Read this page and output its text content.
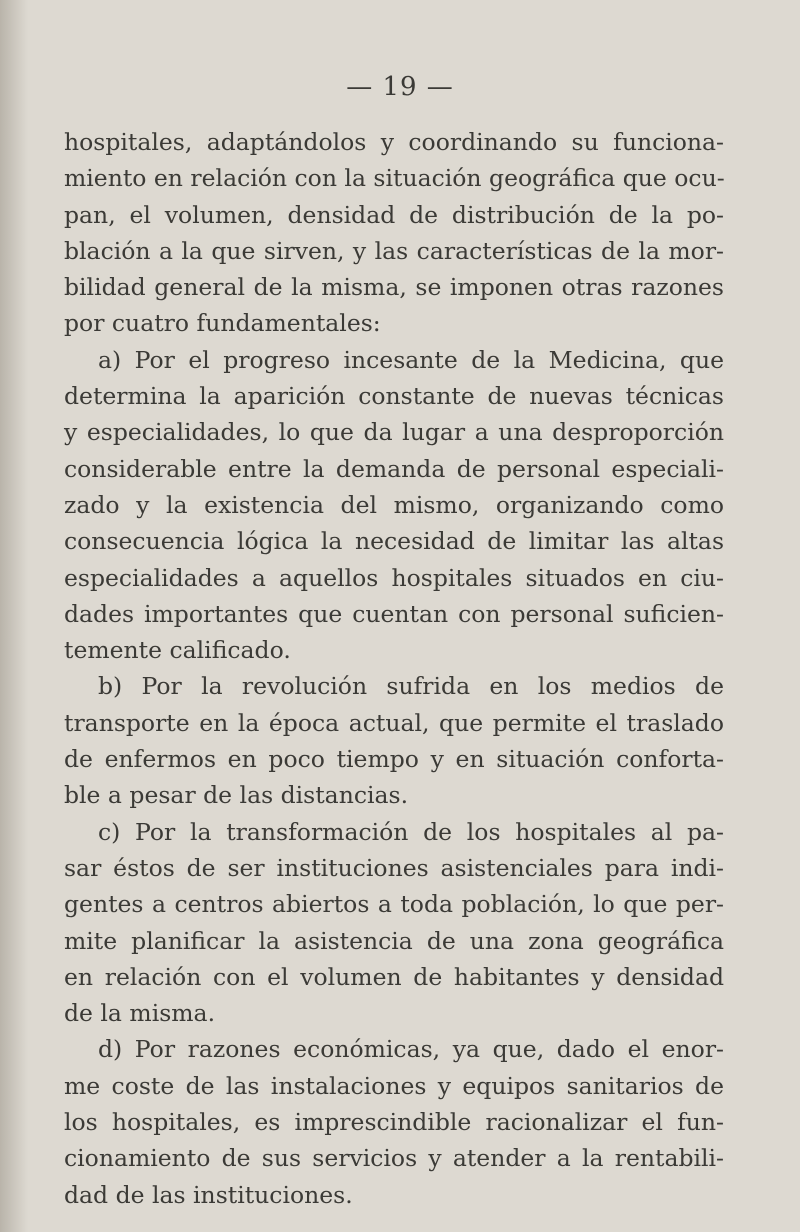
— 19 —
hospitales, adaptándolos y coordinando su funciona-
miento en relación con la situación geográfica que ocu-
pan, el volumen, densidad de distribución de la po-
blación a la que sirven, y las características de la mor-
bilidad general de la misma, se imponen otras razones
por cuatro fundamentales:
a) Por el progreso incesante de la Medicina, que
determina la aparición constante de nuevas técnicas
y especialidades, lo que da lugar a una desproporción
considerable entre la demanda de personal especiali-
zado y la existencia del mismo, organizando como
consecuencia lógica la necesidad de limitar las altas
especialidades a aquellos hospitales situados en ciu-
dades importantes que cuentan con personal suficien-
temente calificado.
b) Por la revolución sufrida en los medios de
transporte en la época actual, que permite el traslado
de enfermos en poco tiempo y en situación conforta-
ble a pesar de las distancias.
c) Por la transformación de los hospitales al pa-
sar éstos de ser instituciones asistenciales para indi-
gentes a centros abiertos a toda población, lo que per-
mite planificar la asistencia de una zona geográfica
en relación con el volumen de habitantes y densidad
de la misma.
d) Por razones económicas, ya que, dado el enor-
me coste de las instalaciones y equipos sanitarios de
los hospitales, es imprescindible racionalizar el fun-
cionamiento de sus servicios y atender a la rentabili-
dad de las instituciones.
